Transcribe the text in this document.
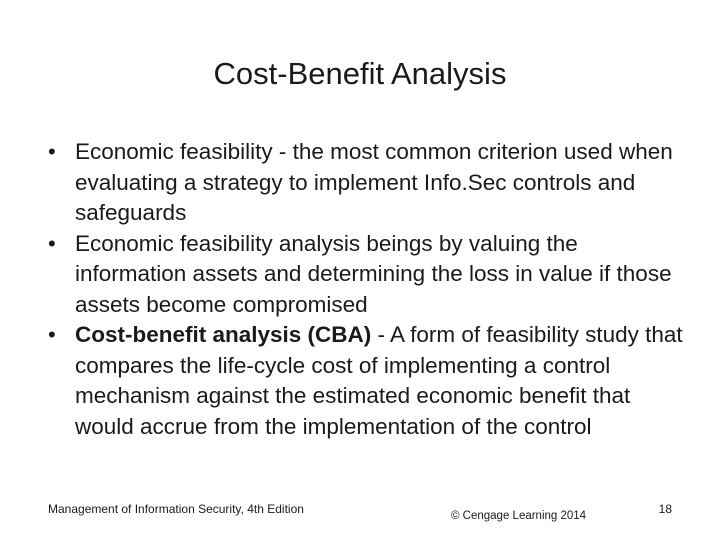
Cost-Benefit Analysis
• Economic feasibility - the most common criterion used when evaluating a strategy to implement Info.Sec controls and safeguards
• Economic feasibility analysis beings by valuing the information assets and determining the loss in value if those assets become compromised
• Cost-benefit analysis (CBA) - A form of feasibility study that compares the life-cycle cost of implementing a control mechanism against the estimated economic benefit that would accrue from the implementation of the control
Management of Information Security, 4th Edition	© Cengage Learning 2014	18
